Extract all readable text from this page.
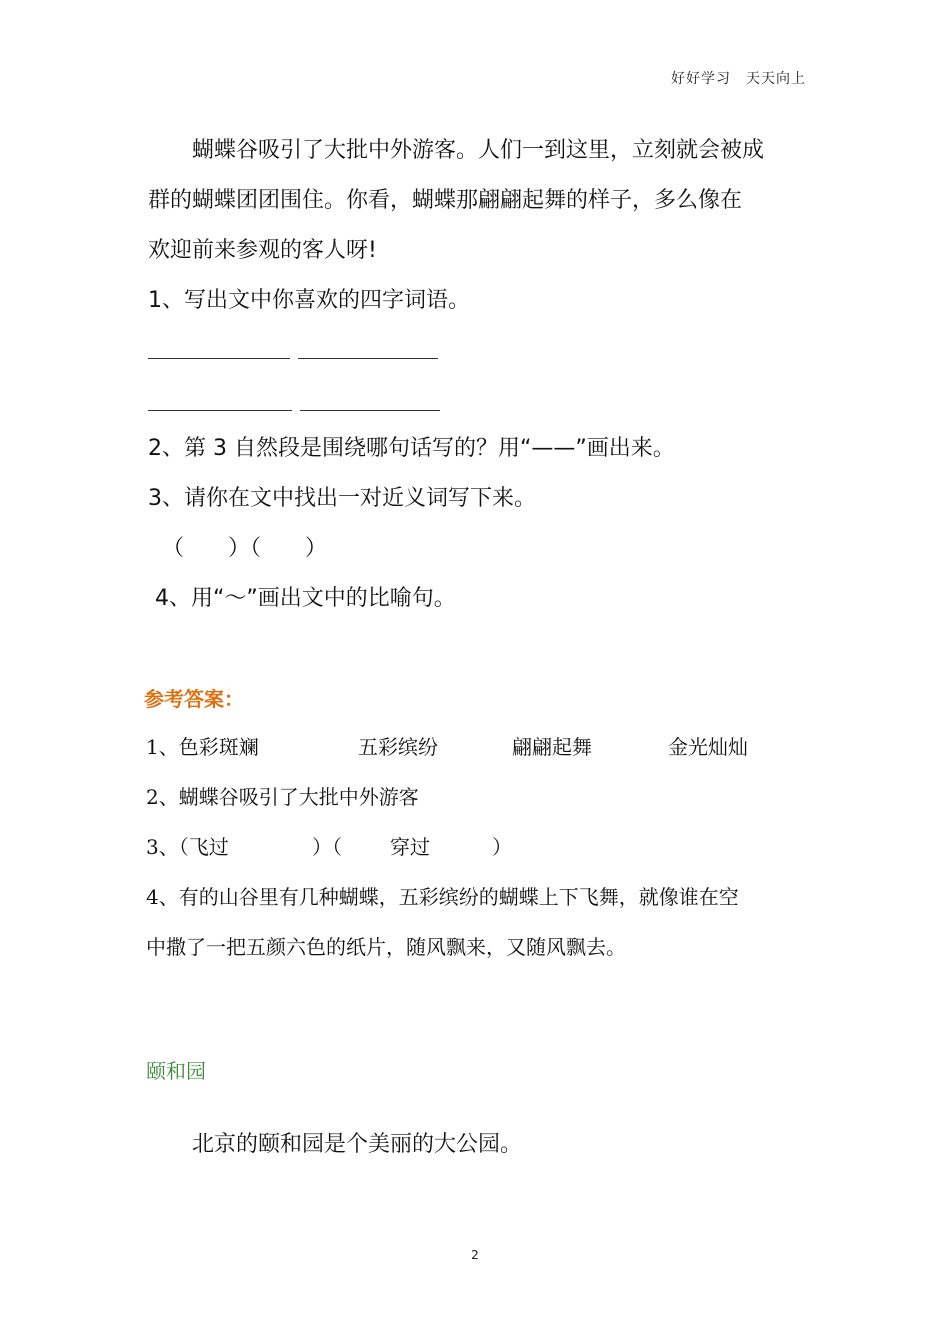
好好学习　天天向上
　　蝴蝶谷吸引了大批中外游客。人们一到这里，立刻就会被成
群的蝴蝶团团围住。你看，蝴蝶那翩翩起舞的样子，多么像在
欢迎前来参观的客人呀!
1、写出文中你喜欢的四字词语。
2、第 3 自然段是围绕哪句话写的？用“——”画出来。
3、请你在文中找出一对近义词写下来。
（　　）（　　）
4、用“～”画出文中的比喻句。
参考答案：

1、色彩斑斓

	五彩缤纷

	翩翩起舞

	金光灿灿

2、蝴蝶谷吸引了大批中外游客

3、（飞过

	）（

穿过

	）

4、有的山谷里有几种蝴蝶，五彩缤纷的蝴蝶上下飞舞，就像谁在空
中撒了一把五颜六色的纸片，随风飘来，又随风飘去。
颐和园
　　北京的颐和园是个美丽的大公园。
2
